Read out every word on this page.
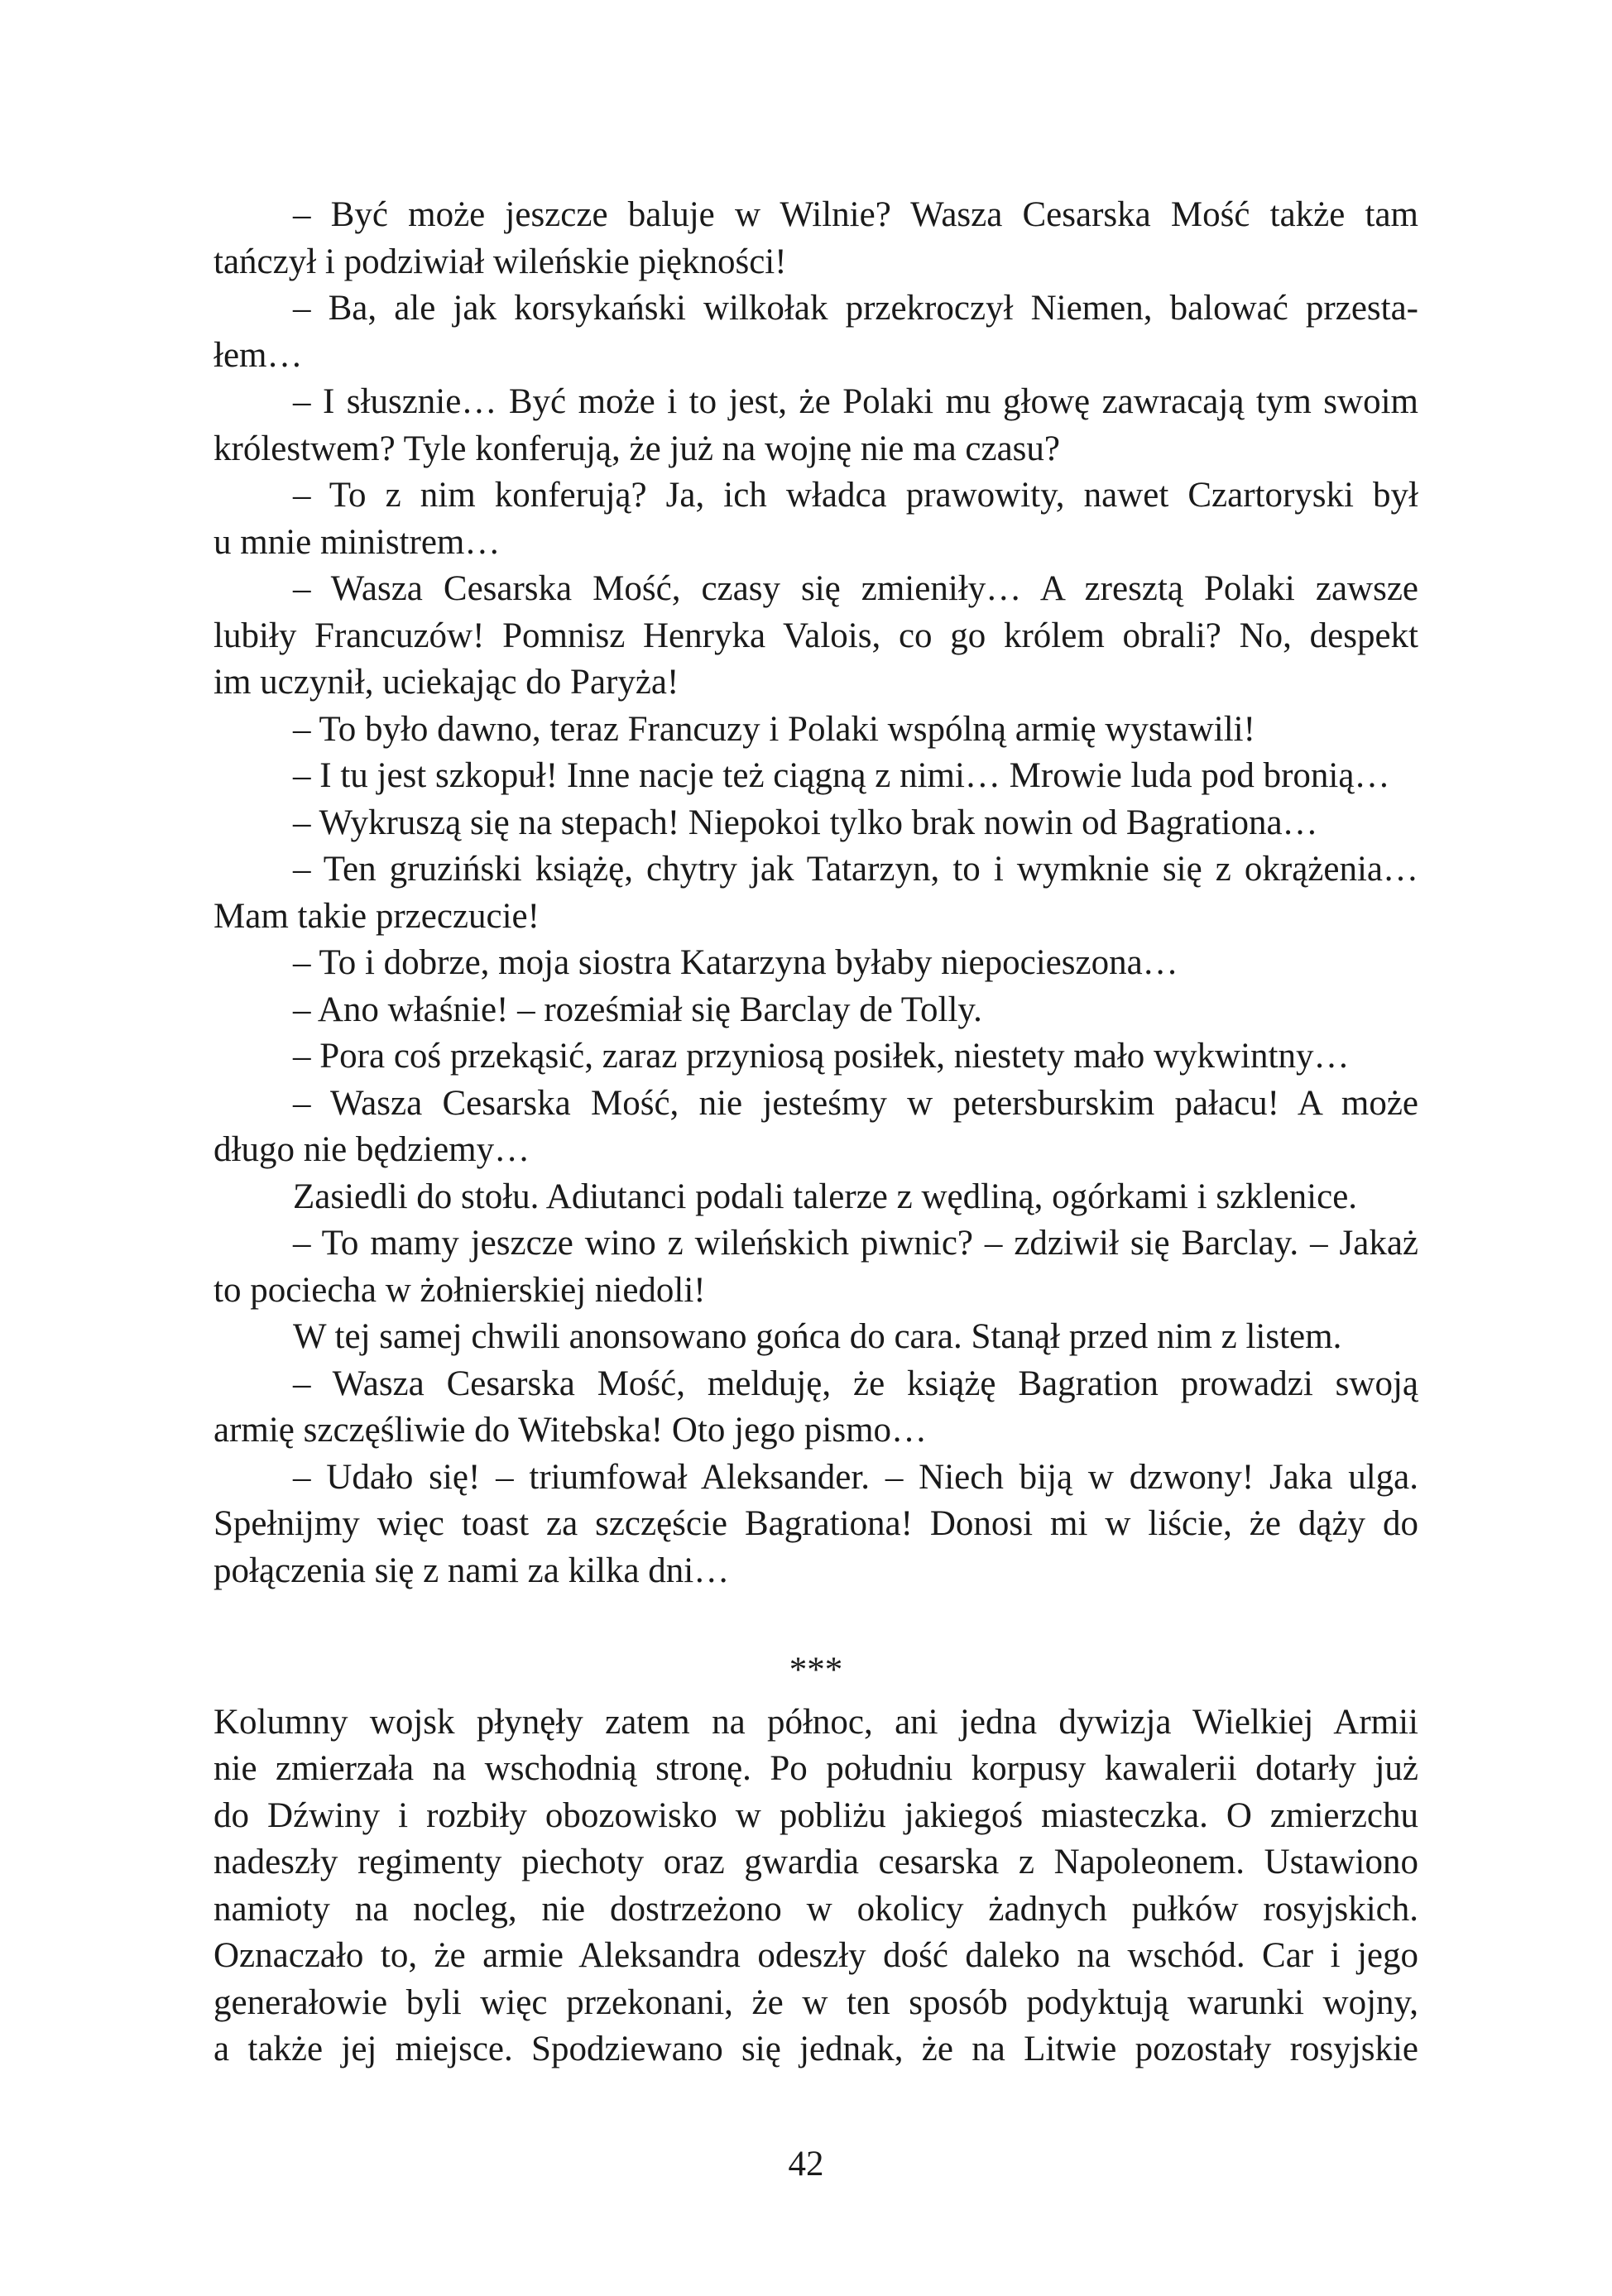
– Być może jeszcze baluje w Wilnie? Wasza Cesarska Mość także tam
tańczył i podziwiał wileńskie piękności!
– Ba, ale jak korsykański wilkołak przekroczył Niemen, balować przesta-
łem…
– I słusznie… Być może i to jest, że Polaki mu głowę zawracają tym swoim
królestwem? Tyle konferują, że już na wojnę nie ma czasu?
– To z nim konferują? Ja, ich władca prawowity, nawet Czartoryski był
u mnie ministrem…
– Wasza Cesarska Mość, czasy się zmieniły… A zresztą Polaki zawsze
lubiły Francuzów! Pomnisz Henryka Valois, co go królem obrali? No, despekt
im uczynił, uciekając do Paryża!
– To było dawno, teraz Francuzy i Polaki wspólną armię wystawili!
– I tu jest szkopuł! Inne nacje też ciągną z nimi… Mrowie luda pod bronią…
– Wykruszą się na stepach! Niepokoi tylko brak nowin od Bagrationa…
– Ten gruziński książę, chytry jak Tatarzyn, to i wymknie się z okrążenia…
Mam takie przeczucie!
– To i dobrze, moja siostra Katarzyna byłaby niepocieszona…
– Ano właśnie! – roześmiał się Barclay de Tolly.
– Pora coś przekąsić, zaraz przyniosą posiłek, niestety mało wykwintny…
– Wasza Cesarska Mość, nie jesteśmy w petersburskim pałacu! A może
długo nie będziemy…
Zasiedli do stołu. Adiutanci podali talerze z wędliną, ogórkami i szklenice.
– To mamy jeszcze wino z wileńskich piwnic? – zdziwił się Barclay. – Jakaż
to pociecha w żołnierskiej niedoli!
W tej samej chwili anonsowano gońca do cara. Stanął przed nim z listem.
– Wasza Cesarska Mość, melduję, że książę Bagration prowadzi swoją
armię szczęśliwie do Witebska! Oto jego pismo…
– Udało się! – triumfował Aleksander. – Niech biją w dzwony! Jaka ulga.
Spełnijmy więc toast za szczęście Bagrationa! Donosi mi w liście, że dąży do
połączenia się z nami za kilka dni…
***
Kolumny wojsk płynęły zatem na północ, ani jedna dywizja Wielkiej Armii
nie zmierzała na wschodnią stronę. Po południu korpusy kawalerii dotarły już
do Dźwiny i rozbiły obozowisko w pobliżu jakiegoś miasteczka. O zmierzchu
nadeszły regimenty piechoty oraz gwardia cesarska z Napoleonem. Ustawiono
namioty na nocleg, nie dostrzeżono w okolicy żadnych pułków rosyjskich.
Oznaczało to, że armie Aleksandra odeszły dość daleko na wschód. Car i jego
generałowie byli więc przekonani, że w ten sposób podyktują warunki wojny,
a także jej miejsce. Spodziewano się jednak, że na Litwie pozostały rosyjskie
42
